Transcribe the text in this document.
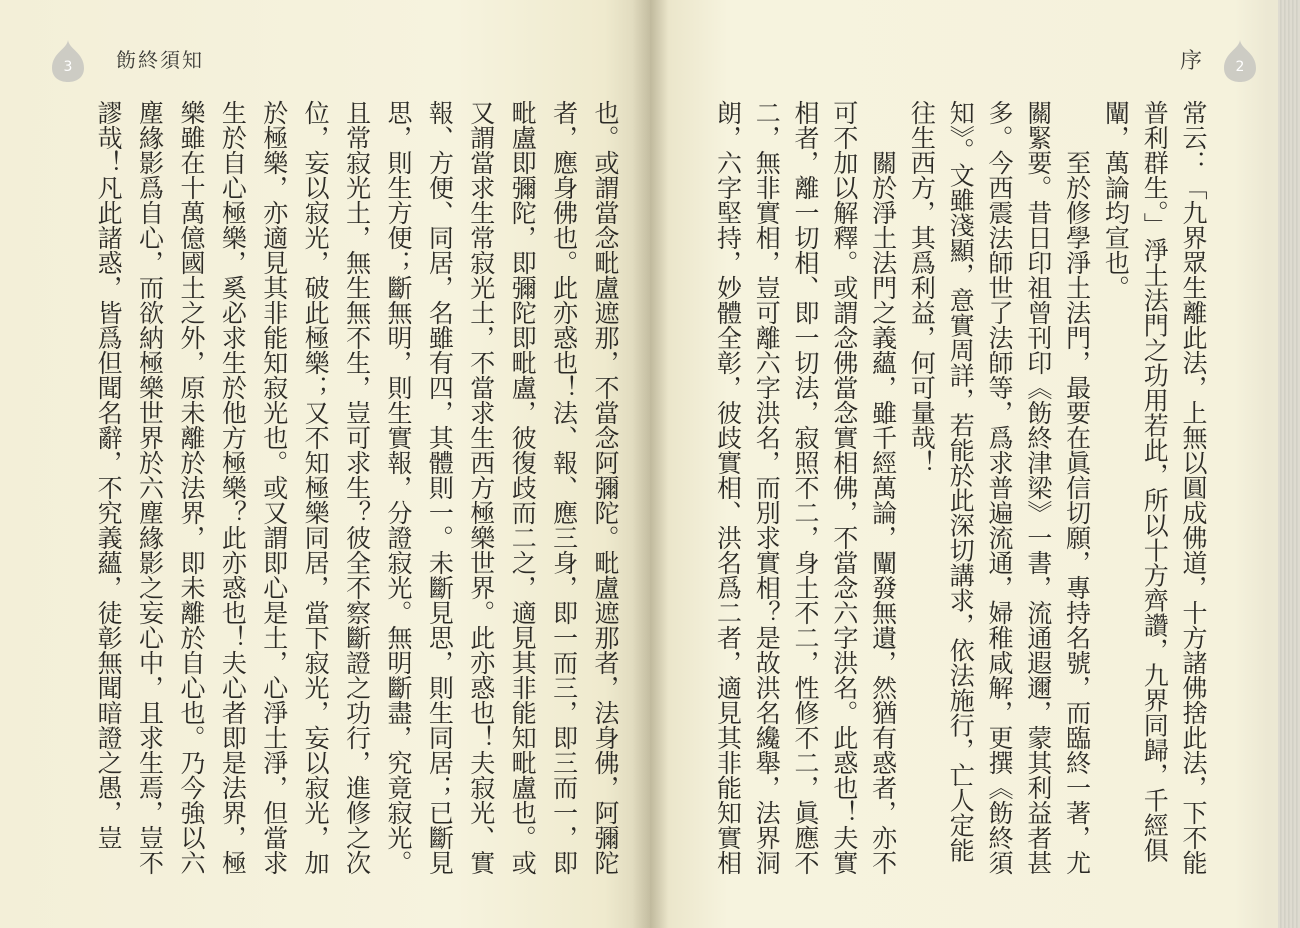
3 飭終須知	序 2
也。或謂當念毗盧遮那，不當念阿彌陀。毗盧遮那者，法身佛，阿彌陀
者，應身佛也。此亦惑也！法、報、應三身，即一而三，即三而一，即
毗盧即彌陀，即彌陀即毗盧，彼復歧而二之，適見其非能知毗盧也。或
又謂當求生常寂光土，不當求生西方極樂世界。此亦惑也！夫寂光、實
報、方便、同居，名雖有四，其體則一。未斷見思，則生同居；已斷見
思，則生方便；斷無明，則生實報，分證寂光。無明斷盡，究竟寂光。
且常寂光土，無生無不生，豈可求生？彼全不察斷證之功行，進修之次
位，妄以寂光，破此極樂；又不知極樂同居，當下寂光，妄以寂光，加
於極樂，亦適見其非能知寂光也。或又謂即心是土，心淨土淨，但當求
生於自心極樂，奚必求生於他方極樂？此亦惑也！夫心者即是法界，極
樂雖在十萬億國土之外，原未離於法界，即未離於自心也。乃今強以六
塵緣影爲自心，而欲納極樂世界於六塵緣影之妄心中，且求生焉，豈不
謬哉！凡此諸惑，皆爲但聞名辭，不究義蘊，徒彰無聞暗證之愚，豈	常云：「九界眾生離此法，上無以圓成佛道，十方諸佛捨此法，下不能
普利群生。」淨土法門之功用若此，所以十方齊讚，九界同歸，千經俱
闡，萬論均宣也。
至於修學淨土法門，最要在眞信切願，專持名號，而臨終一著，尤
關緊要。昔日印祖曾刊印《飭終津梁》一書，流通遐邇，蒙其利益者甚
多。今西震法師世了法師等，爲求普遍流通，婦稚咸解，更撰《飭終須
知》。文雖淺顯，意實周詳，若能於此深切講求，依法施行，亡人定能
往生西方，其爲利益，何可量哉！
關於淨土法門之義蘊，雖千經萬論，闡發無遺，然猶有惑者，亦不
可不加以解釋。或謂念佛當念實相佛，不當念六字洪名。此惑也！夫實
相者，離一切相、即一切法，寂照不二，身土不二，性修不二，眞應不
二，無非實相，豈可離六字洪名，而別求實相？是故洪名纔舉，法界洞
朗，六字堅持，妙體全彰，彼歧實相、洪名爲二者，適見其非能知實相
